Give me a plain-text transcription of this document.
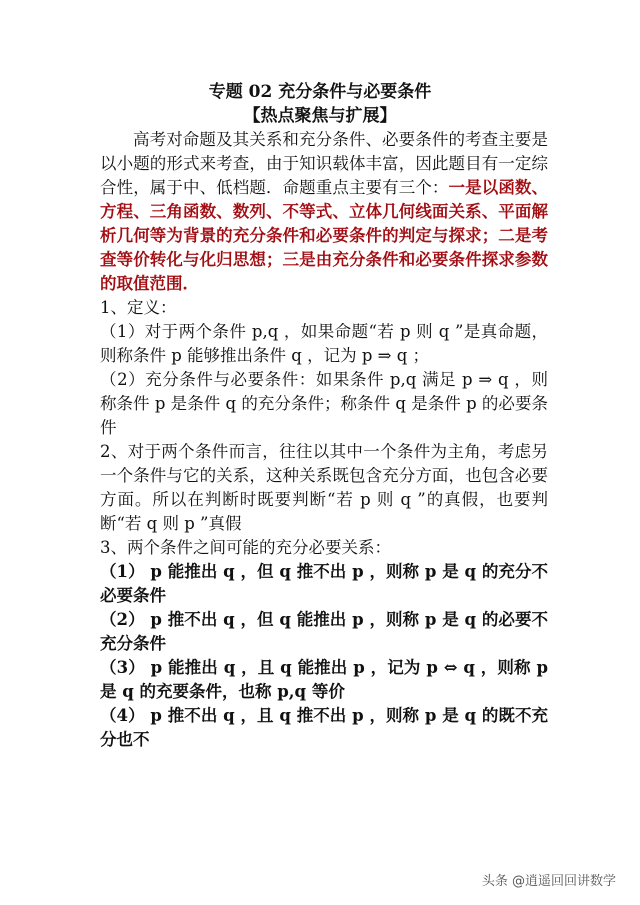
专题 02 充分条件与必要条件
【热点聚焦与扩展】

高考对命题及其关系和充分条件、必要条件的考查主要是以小题的形式来考查，由于知识载体丰富，因此题目有一定综合性，属于中、低档题．命题重点主要有三个：一是以函数、方程、三角函数、数列、不等式、立体几何线面关系、平面解析几何等为背景的充分条件和必要条件的判定与探求；二是考查等价转化与化归思想；三是由充分条件和必要条件探求参数的取值范围．

1、定义：

（1）对于两个条件 p,q ，如果命题“若 p 则 q ”是真命题，则称条件 p 能够推出条件 q ，记为 p ⇒ q ；

（2）充分条件与必要条件：如果条件 p,q 满足 p ⇒ q ，则称条件 p 是条件 q 的充分条件；称条件 q 是条件 p 的必要条件

2、对于两个条件而言，往往以其中一个条件为主角，考虑另一个条件与它的关系，这种关系既包含充分方面，也包含必要方面。所以在判断时既要判断“若 p 则 q ”的真假，也要判断“若 q 则 p ”真假

3、两个条件之间可能的充分必要关系：

（1） p 能推出 q ，但 q 推不出 p ，则称 p 是 q 的充分不必要条件

（2） p 推不出 q ，但 q 能推出 p ，则称 p 是 q 的必要不充分条件

（3） p 能推出 q ，且 q 能推出 p ，记为 p ⇔ q ，则称 p 是 q 的充要条件，也称 p,q 等价

（4） p 推不出 q ，且 q 推不出 p ，则称 p 是 q 的既不充分也不

头条 @逍遥回回讲数学
